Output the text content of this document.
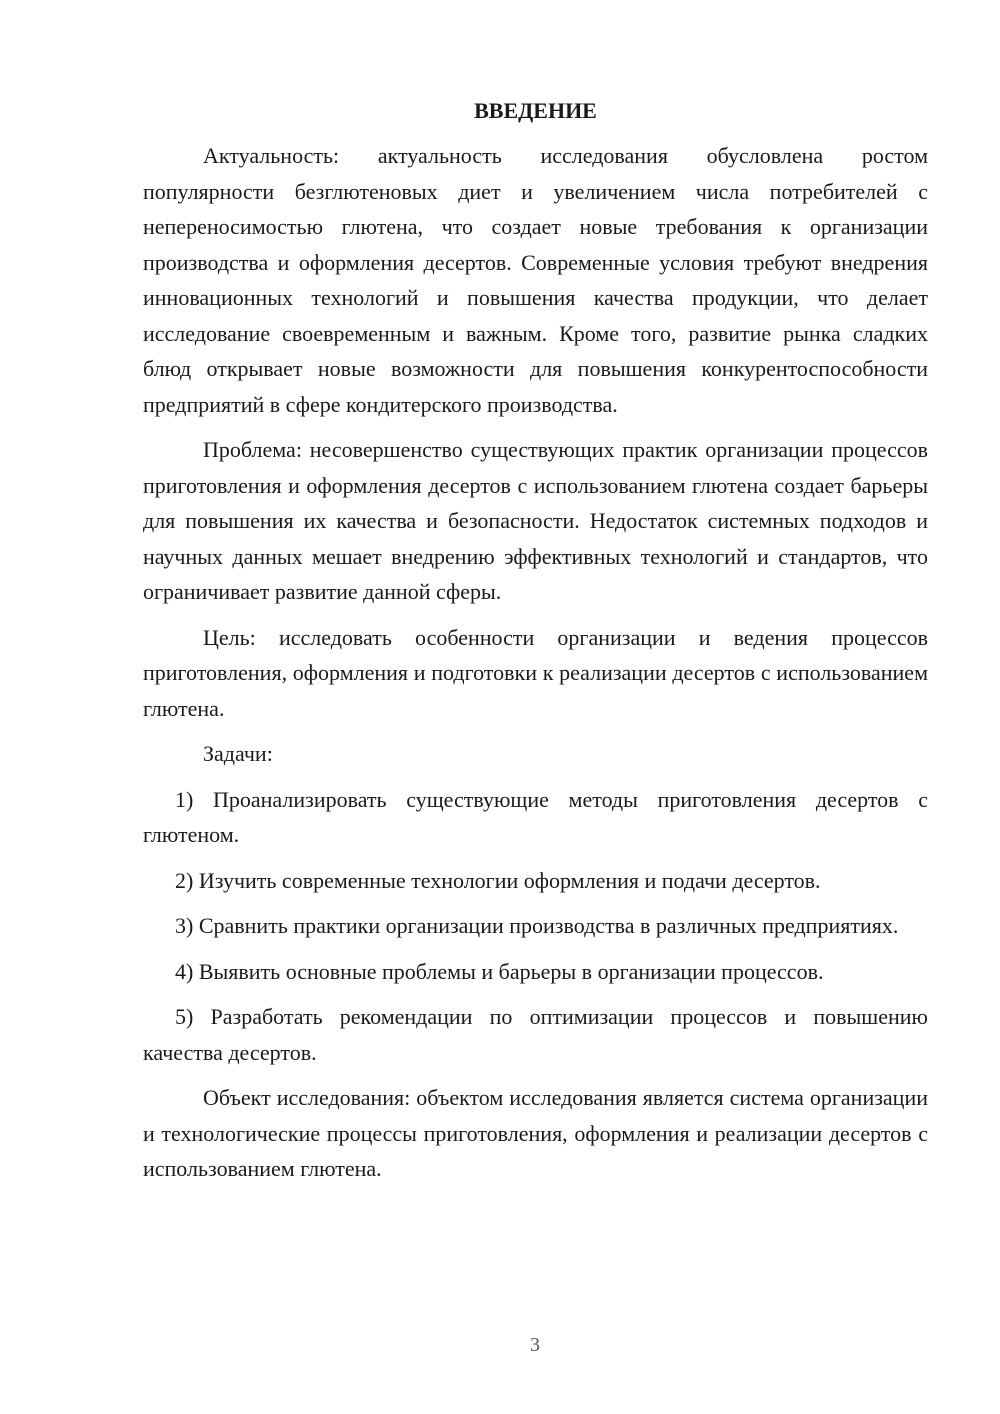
ВВЕДЕНИЕ

Актуальность: актуальность исследования обусловлена ростом популярности безглютеновых диет и увеличением числа потребителей с непереносимостью глютена, что создает новые требования к организации производства и оформления десертов. Современные условия требуют внедрения инновационных технологий и повышения качества продукции, что делает исследование своевременным и важным. Кроме того, развитие рынка сладких блюд открывает новые возможности для повышения конкурентоспособности предприятий в сфере кондитерского производства.

Проблема: несовершенство существующих практик организации процессов приготовления и оформления десертов с использованием глютена создает барьеры для повышения их качества и безопасности. Недостаток системных подходов и научных данных мешает внедрению эффективных технологий и стандартов, что ограничивает развитие данной сферы.

Цель: исследовать особенности организации и ведения процессов приготовления, оформления и подготовки к реализации десертов с использованием глютена.

Задачи:

1) Проанализировать существующие методы приготовления десертов с глютеном.

2) Изучить современные технологии оформления и подачи десертов.

3) Сравнить практики организации производства в различных предприятиях.

4) Выявить основные проблемы и барьеры в организации процессов.

5) Разработать рекомендации по оптимизации процессов и повышению качества десертов.

Объект исследования: объектом исследования является система организации и технологические процессы приготовления, оформления и реализации десертов с использованием глютена.

3
